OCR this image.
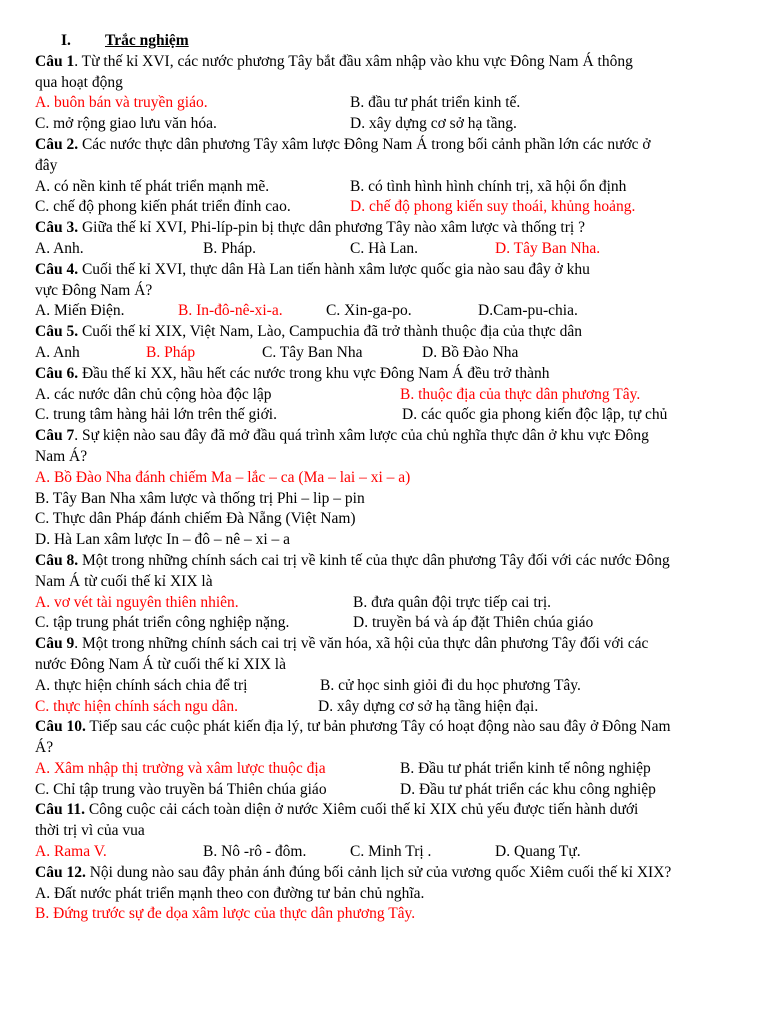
I. Trắc nghiệm
Câu 1. Từ thế kỉ XVI, các nước phương Tây bắt đầu xâm nhập vào khu vực Đông Nam Á thông
qua hoạt động
A. buôn bán và truyền giáo.	B. đầu tư phát triển kinh tế.
C. mở rộng giao lưu văn hóa.	D. xây dựng cơ sở hạ tầng.
Câu 2. Các nước thực dân phương Tây xâm lược Đông Nam Á trong bối cảnh phần lớn các nước ở
đây
A. có nền kinh tế phát triển mạnh mẽ.	B. có tình hình hình chính trị, xã hội ổn định
C. chế độ phong kiến phát triển đỉnh cao.	D. chế độ phong kiến suy thoái, khủng hoảng.
Câu 3. Giữa thế kỉ XVI, Phi-líp-pin bị thực dân phương Tây nào xâm lược và thống trị ?
A. Anh.	B. Pháp.	C. Hà Lan.	D. Tây Ban Nha.
Câu 4. Cuối thế kỉ XVI, thực dân Hà Lan tiến hành xâm lược quốc gia nào sau đây ở khu
vực Đông Nam Á?
A. Miến Điện.	B. In-đô-nê-xi-a.	C. Xin-ga-po.	D.Cam-pu-chia.
Câu 5. Cuối thế kỉ XIX, Việt Nam, Lào, Campuchia đã trở thành thuộc địa của thực dân
A. Anh	B. Pháp	C. Tây Ban Nha	D. Bồ Đào Nha
Câu 6. Đầu thế kỉ XX, hầu hết các nước trong khu vực Đông Nam Á đều trở thành
A. các nước dân chủ cộng hòa độc lập	B. thuộc địa của thực dân phương Tây.
C. trung tâm hàng hải lớn trên thế giới.	D. các quốc gia phong kiến độc lập, tự chủ
Câu 7. Sự kiện nào sau đây đã mở đầu quá trình xâm lược của chủ nghĩa thực dân ở khu vực Đông
Nam Á?
A. Bồ Đào Nha đánh chiếm Ma – lắc – ca (Ma – lai – xi – a)
B. Tây Ban Nha xâm lược và thống trị Phi – lip – pin
C. Thực dân Pháp đánh chiếm Đà Nẵng (Việt Nam)
D. Hà Lan xâm lược In – đô – nê – xi – a
Câu 8. Một trong những chính sách cai trị về kinh tế của thực dân phương Tây đối với các nước Đông
Nam Á từ cuối thế kỉ XIX là
A. vơ vét tài nguyên thiên nhiên.	B. đưa quân đội trực tiếp cai trị.
C. tập trung phát triển công nghiệp nặng.	D. truyền bá và áp đặt Thiên chúa giáo
Câu 9. Một trong những chính sách cai trị về văn hóa, xã hội của thực dân phương Tây đối với các
nước Đông Nam Á từ cuối thế kỉ XIX là
A. thực hiện chính sách chia để trị	B. cử học sinh giỏi đi du học phương Tây.
C. thực hiện chính sách ngu dân.	D. xây dựng cơ sở hạ tầng hiện đại.
Câu 10. Tiếp sau các cuộc phát kiến địa lý, tư bản phương Tây có hoạt động nào sau đây ở Đông Nam
Á?
A. Xâm nhập thị trường và xâm lược thuộc địa	B. Đầu tư phát triển kinh tế nông nghiệp
C. Chỉ tập trung vào truyền bá Thiên chúa giáo	D. Đầu tư phát triển các khu công nghiệp
Câu 11. Công cuộc cải cách toàn diện ở nước Xiêm cuối thế kỉ XIX chủ yếu được tiến hành dưới
thời trị vì của vua
A. Rama V.	B. Nô -rô - đôm.	C. Minh Trị .	D. Quang Tự.
Câu 12. Nội dung nào sau đây phản ánh đúng bối cảnh lịch sử của vương quốc Xiêm cuối thế kỉ XIX?
A. Đất nước phát triển mạnh theo con đường tư bản chủ nghĩa.
B. Đứng trước sự đe dọa xâm lược của thực dân phương Tây.
